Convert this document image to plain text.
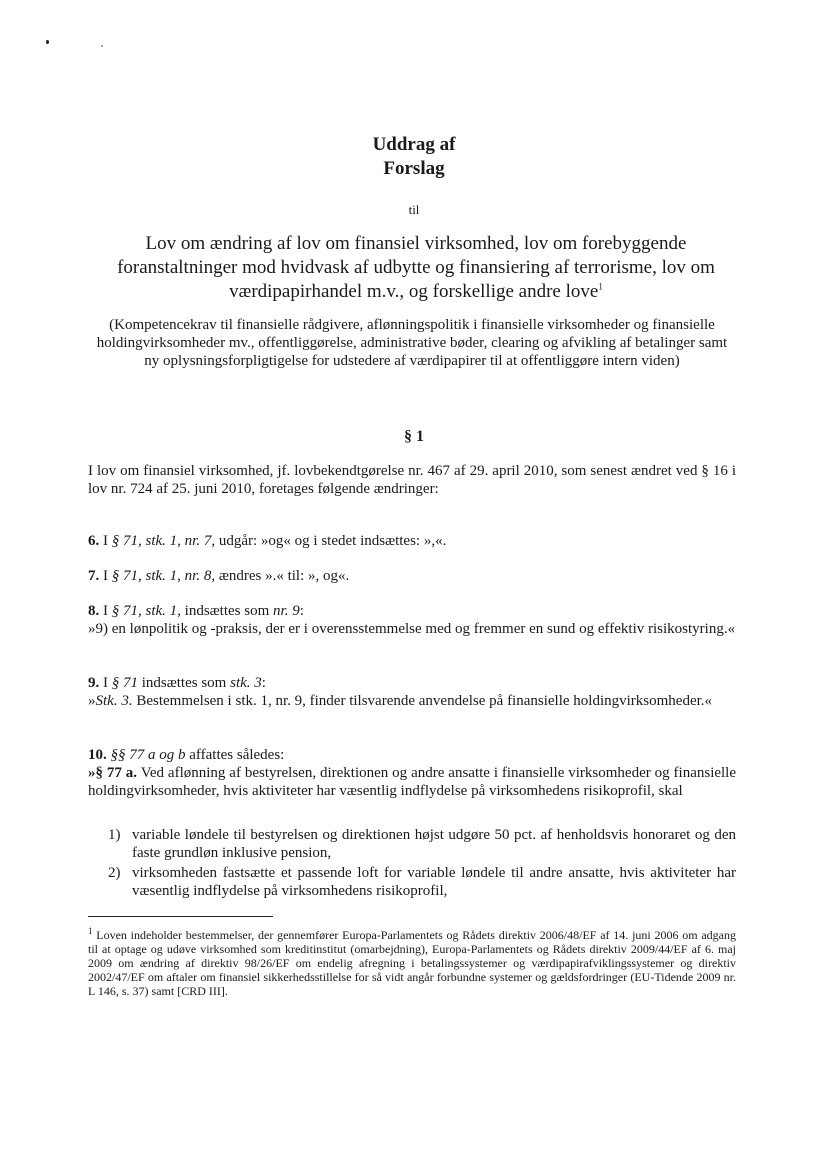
Uddrag af
Forslag
til
Lov om ændring af lov om finansiel virksomhed, lov om forebyggende foranstaltninger mod hvidvask af udbytte og finansiering af terrorisme, lov om værdipapirhandel m.v., og forskellige andre love$^1$
(Kompetencekrav til finansielle rådgivere, aflønningspolitik i finansielle virksomheder og finansielle holdingvirksomheder mv., offentliggørelse, administrative bøder, clearing og afvikling af betalinger samt ny oplysningsforpligtigelse for udstedere af værdipapirer til at offentliggøre intern viden)
§ 1
I lov om finansiel virksomhed, jf. lovbekendtgørelse nr. 467 af 29. april 2010, som senest ændret ved § 16 i lov nr. 724 af 25. juni 2010, foretages følgende ændringer:
6. I § 71, stk. 1, nr. 7, udgår: »og« og i stedet indsættes: »,«.
7. I § 71, stk. 1, nr. 8, ændres ».« til: », og«.
8. I § 71, stk. 1, indsættes som nr. 9:
»9) en lønpolitik og -praksis, der er i overensstemmelse med og fremmer en sund og effektiv risikostyring.«
9. I § 71 indsættes som stk. 3:
»Stk. 3. Bestemmelsen i stk. 1, nr. 9, finder tilsvarende anvendelse på finansielle holdingvirksomheder.«
10. §§ 77 a og b affattes således:
»§ 77 a. Ved aflønning af bestyrelsen, direktionen og andre ansatte i finansielle virksomheder og finansielle holdingvirksomheder, hvis aktiviteter har væsentlig indflydelse på virksomhedens risikoprofil, skal
1) variable løndele til bestyrelsen og direktionen højst udgøre 50 pct. af henholdsvis honoraret og den faste grundløn inklusive pension,
2) virksomheden fastsætte et passende loft for variable løndele til andre ansatte, hvis aktiviteter har væsentlig indflydelse på virksomhedens risikoprofil,
$^1$ Loven indeholder bestemmelser, der gennemfører Europa-Parlamentets og Rådets direktiv 2006/48/EF af 14. juni 2006 om adgang til at optage og udøve virksomhed som kreditinstitut (omarbejdning), Europa-Parlamentets og Rådets direktiv 2009/44/EF af 6. maj 2009 om ændring af direktiv 98/26/EF om endelig afregning i betalingssystemer og værdipapirafviklingssystemer og direktiv 2002/47/EF om aftaler om finansiel sikkerhedsstillelse for så vidt angår forbundne systemer og gældsfordringer (EU-Tidende 2009 nr. L 146, s. 37) samt [CRD III].
